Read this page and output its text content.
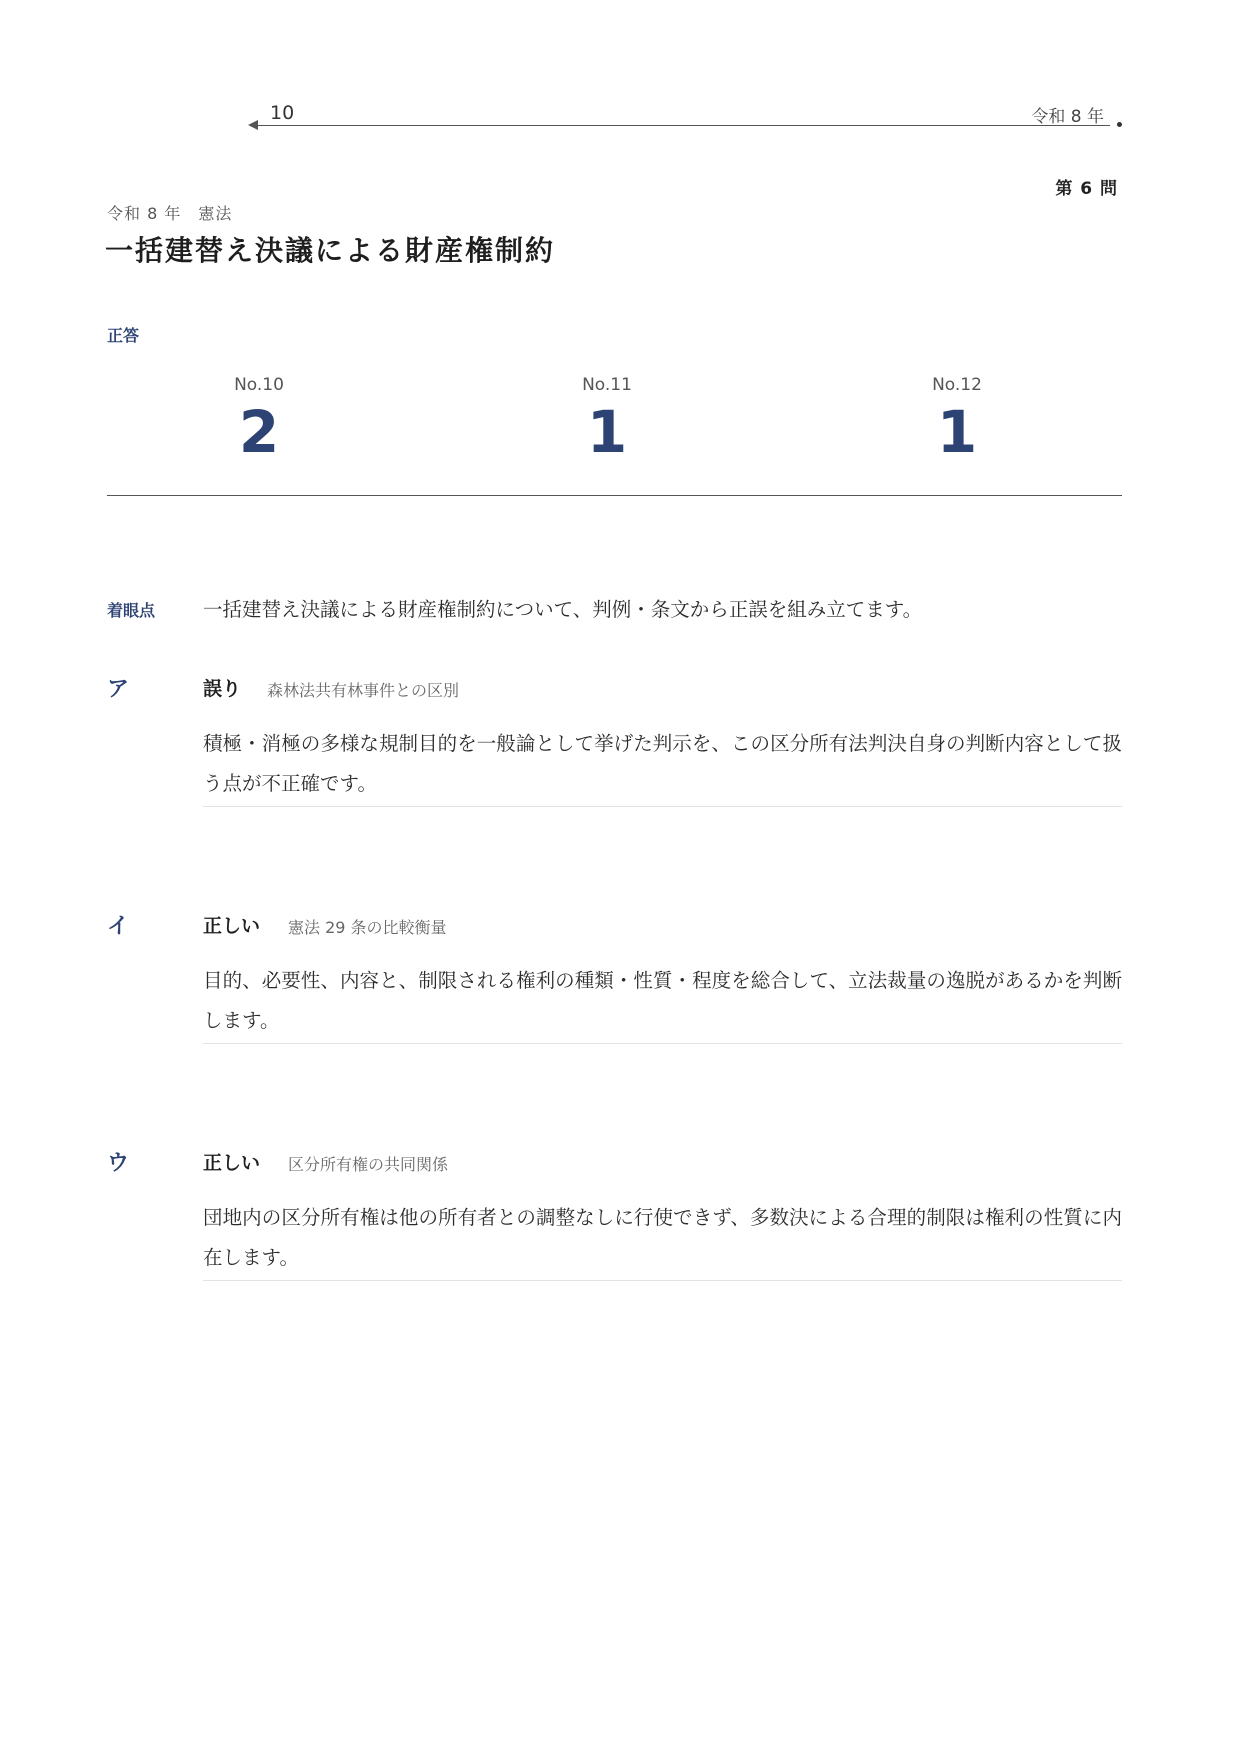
10	令和 8 年
第 6 問
令和 8 年　憲法
一括建替え決議による財産権制約
正答
No.10
2
No.11
1
No.12
1
着眼点 一括建替え決議による財産権制約について、判例・条文から正誤を組み立てます。
ア	誤り 森林法共有林事件との区別
積極・消極の多様な規制目的を一般論として挙げた判示を、この区分所有法判決自身の判断内容として扱う点が不正確です。
イ	正しい 憲法 29 条の比較衡量
目的、必要性、内容と、制限される権利の種類・性質・程度を総合して、立法裁量の逸脱があるかを判断します。
ウ	正しい 区分所有権の共同関係
団地内の区分所有権は他の所有者との調整なしに行使できず、多数決による合理的制限は権利の性質に内在します。
